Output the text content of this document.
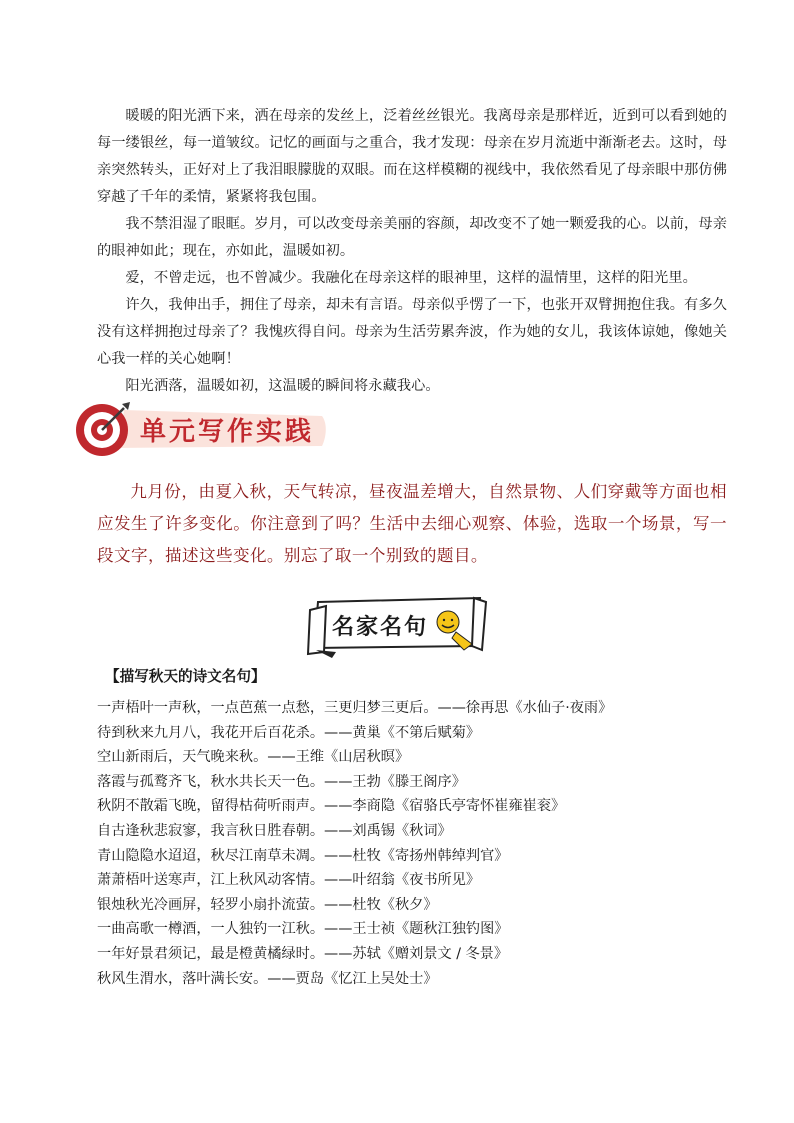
暖暖的阳光洒下来，洒在母亲的发丝上，泛着丝丝银光。我离母亲是那样近，近到可以看到她的每一缕银丝，每一道皱纹。记忆的画面与之重合，我才发现：母亲在岁月流逝中渐渐老去。这时，母亲突然转头，正好对上了我泪眼朦胧的双眼。而在这样模糊的视线中，我依然看见了母亲眼中那仿佛穿越了千年的柔情，紧紧将我包围。

我不禁泪湿了眼眶。岁月，可以改变母亲美丽的容颜，却改变不了她一颗爱我的心。以前，母亲的眼神如此；现在，亦如此，温暖如初。

爱，不曾走远，也不曾减少。我融化在母亲这样的眼神里，这样的温情里，这样的阳光里。

许久，我伸出手，拥住了母亲，却未有言语。母亲似乎愣了一下，也张开双臂拥抱住我。有多久没有这样拥抱过母亲了？我愧疚得自问。母亲为生活劳累奔波，作为她的女儿，我该体谅她，像她关心我一样的关心她啊！

阳光洒落，温暖如初，这温暖的瞬间将永藏我心。

单元写作实践

九月份，由夏入秋，天气转凉，昼夜温差增大，自然景物、人们穿戴等方面也相应发生了许多变化。你注意到了吗？生活中去细心观察、体验，选取一个场景，写一段文字，描述这些变化。别忘了取一个别致的题目。

名家名句

【描写秋天的诗文名句】

一声梧叶一声秋，一点芭蕉一点愁，三更归梦三更后。——徐再思《水仙子·夜雨》
待到秋来九月八，我花开后百花杀。——黄巢《不第后赋菊》
空山新雨后，天气晚来秋。——王维《山居秋暝》
落霞与孤鹜齐飞，秋水共长天一色。——王勃《滕王阁序》
秋阴不散霜飞晚，留得枯荷听雨声。——李商隐《宿骆氏亭寄怀崔雍崔衮》
自古逢秋悲寂寥，我言秋日胜春朝。——刘禹锡《秋词》
青山隐隐水迢迢，秋尽江南草未凋。——杜牧《寄扬州韩绰判官》
萧萧梧叶送寒声，江上秋风动客情。——叶绍翁《夜书所见》
银烛秋光冷画屏，轻罗小扇扑流萤。——杜牧《秋夕》
一曲高歌一樽酒，一人独钓一江秋。——王士祯《题秋江独钓图》
一年好景君须记，最是橙黄橘绿时。——苏轼《赠刘景文 / 冬景》
秋风生渭水，落叶满长安。——贾岛《忆江上吴处士》
